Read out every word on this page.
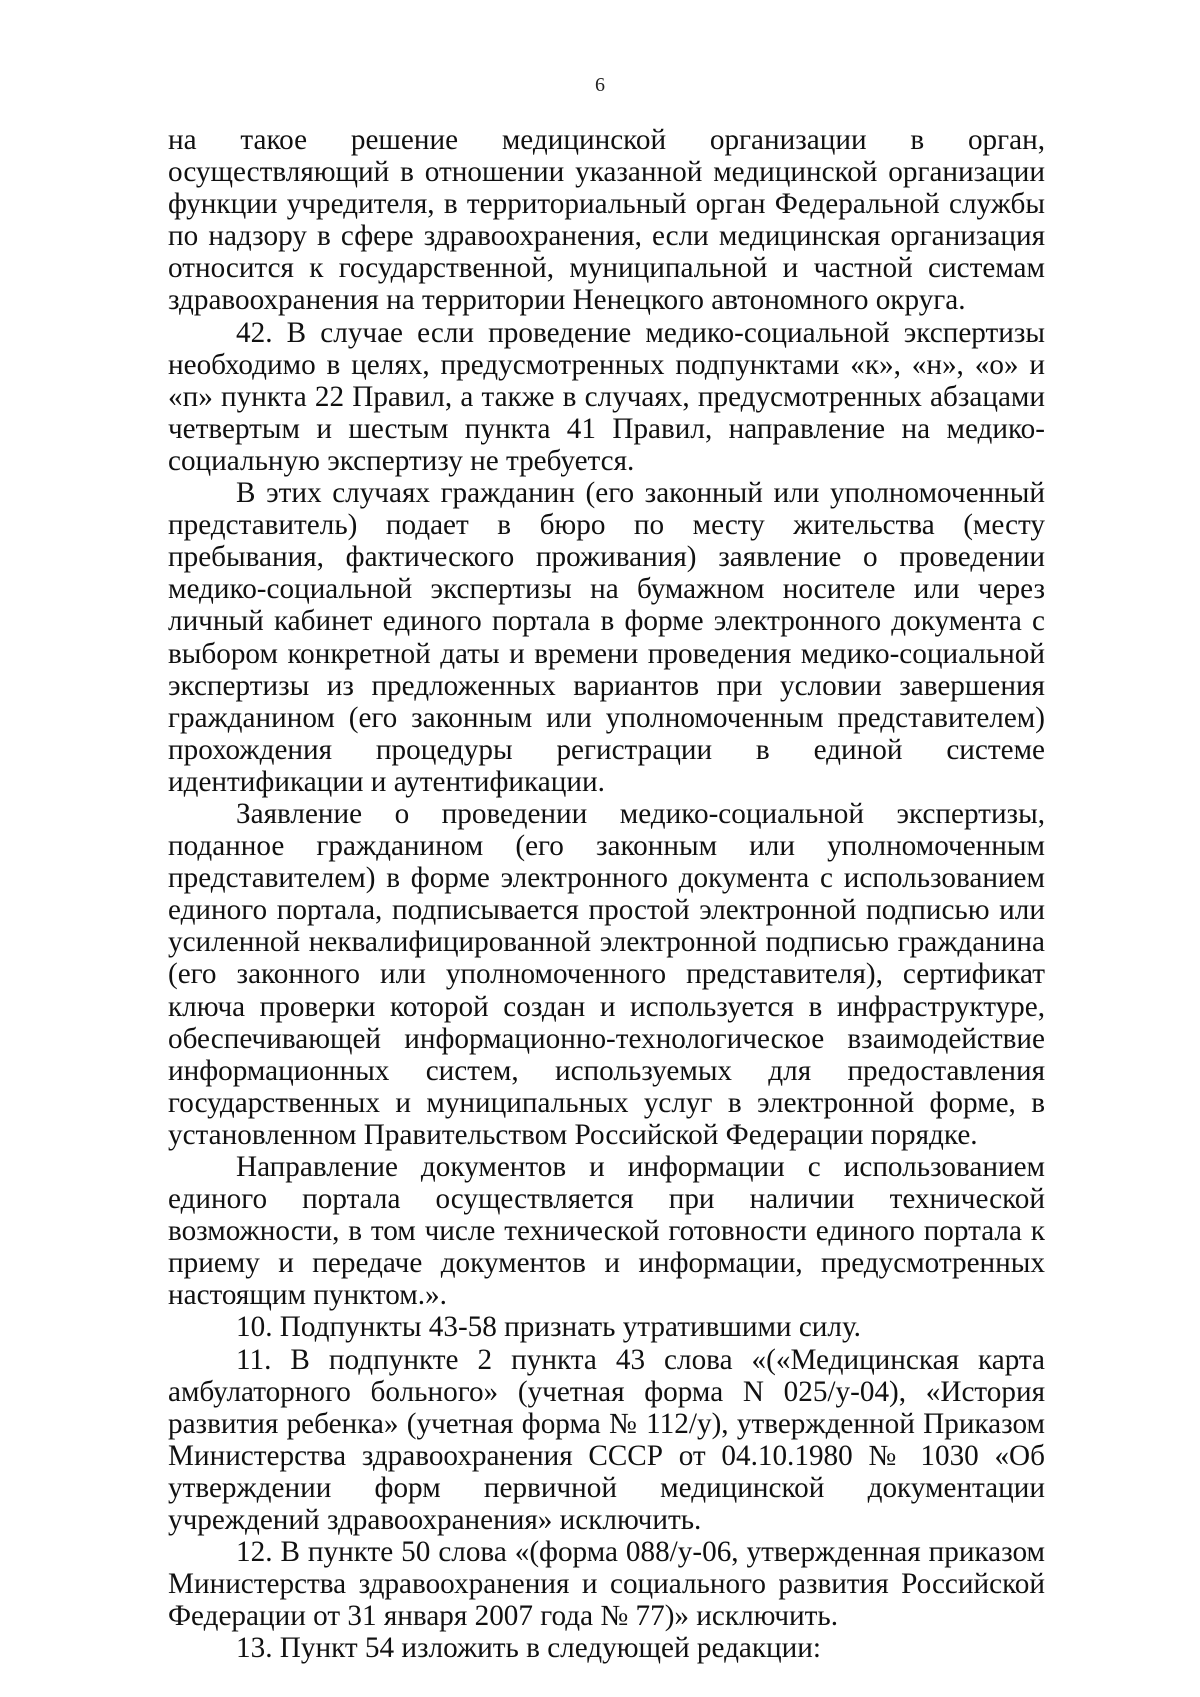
6

на такое решение медицинской организации в орган, осуществляющий в отношении указанной медицинской организации функции учредителя, в территориальный орган Федеральной службы по надзору в сфере здравоохранения, если медицинская организация относится к государственной, муниципальной и частной системам здравоохранения на территории Ненецкого автономного округа.

42. В случае если проведение медико-социальной экспертизы необходимо в целях, предусмотренных подпунктами «к», «н», «о» и «п» пункта 22 Правил, а также в случаях, предусмотренных абзацами четвертым и шестым пункта 41 Правил, направление на медико-социальную экспертизу не требуется.

В этих случаях гражданин (его законный или уполномоченный представитель) подает в бюро по месту жительства (месту пребывания, фактического проживания) заявление о проведении медико-социальной экспертизы на бумажном носителе или через личный кабинет единого портала в форме электронного документа с выбором конкретной даты и времени проведения медико-социальной экспертизы из предложенных вариантов при условии завершения гражданином (его законным или уполномоченным представителем) прохождения процедуры регистрации в единой системе идентификации и аутентификации.

Заявление о проведении медико-социальной экспертизы, поданное гражданином (его законным или уполномоченным представителем) в форме электронного документа с использованием единого портала, подписывается простой электронной подписью или усиленной неквалифицированной электронной подписью гражданина (его законного или уполномоченного представителя), сертификат ключа проверки которой создан и используется в инфраструктуре, обеспечивающей информационно-технологическое взаимодействие информационных систем, используемых для предоставления государственных и муниципальных услуг в электронной форме, в установленном Правительством Российской Федерации порядке.

Направление документов и информации с использованием единого портала осуществляется при наличии технической возможности, в том числе технической готовности единого портала к приему и передаче документов и информации, предусмотренных настоящим пунктом.».

10. Подпункты 43-58 признать утратившими силу.

11. В подпункте 2 пункта 43 слова «(«Медицинская карта амбулаторного больного» (учетная форма N 025/у-04), «История развития ребенка» (учетная форма № 112/у), утвержденной Приказом Министерства здравоохранения СССР от 04.10.1980 № 1030 «Об утверждении форм первичной медицинской документации учреждений здравоохранения» исключить.

12. В пункте 50 слова «(форма 088/у-06, утвержденная приказом Министерства здравоохранения и социального развития Российской Федерации от 31 января 2007 года № 77)» исключить.

13. Пункт 54 изложить в следующей редакции:
